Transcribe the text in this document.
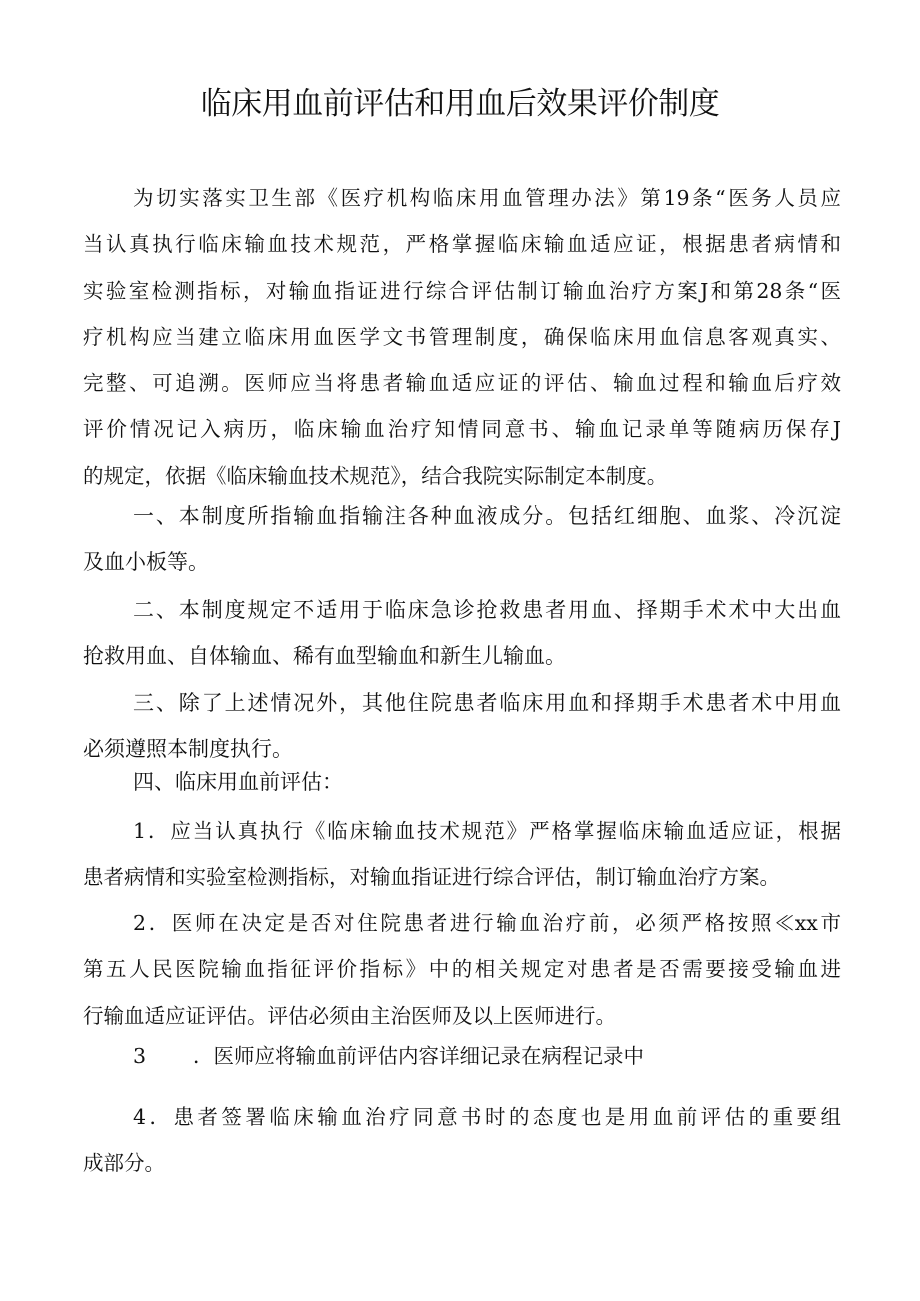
临床用血前评估和用血后效果评价制度

为切实落实卫生部《医疗机构临床用血管理办法》第19条“医务人员应
当认真执行临床输血技术规范，严格掌握临床输血适应证，根据患者病情和
实验室检测指标，对输血指证进行综合评估制订输血治疗方案J和第28条“医
疗机构应当建立临床用血医学文书管理制度，确保临床用血信息客观真实、
完整、可追溯。医师应当将患者输血适应证的评估、输血过程和输血后疗效
评价情况记入病历，临床输血治疗知情同意书、输血记录单等随病历保存J
的规定，依据《临床输血技术规范》，结合我院实际制定本制度。

一、本制度所指输血指输注各种血液成分。包括红细胞、血浆、冷沉淀
及血小板等。

二、本制度规定不适用于临床急诊抢救患者用血、择期手术术中大出血
抢救用血、自体输血、稀有血型输血和新生儿输血。

三、除了上述情况外，其他住院患者临床用血和择期手术患者术中用血
必须遵照本制度执行。

四、临床用血前评估：

1．应当认真执行《临床输血技术规范》严格掌握临床输血适应证，根据
患者病情和实验室检测指标，对输血指证进行综合评估，制订输血治疗方案。

2．医师在决定是否对住院患者进行输血治疗前，必须严格按照≪xx市
第五人民医院输血指征评价指标》中的相关规定对患者是否需要接受输血进
行输血适应证评估。评估必须由主治医师及以上医师进行。

3 ．医师应将输血前评估内容详细记录在病程记录中

4．患者签署临床输血治疗同意书时的态度也是用血前评估的重要组
成部分。
